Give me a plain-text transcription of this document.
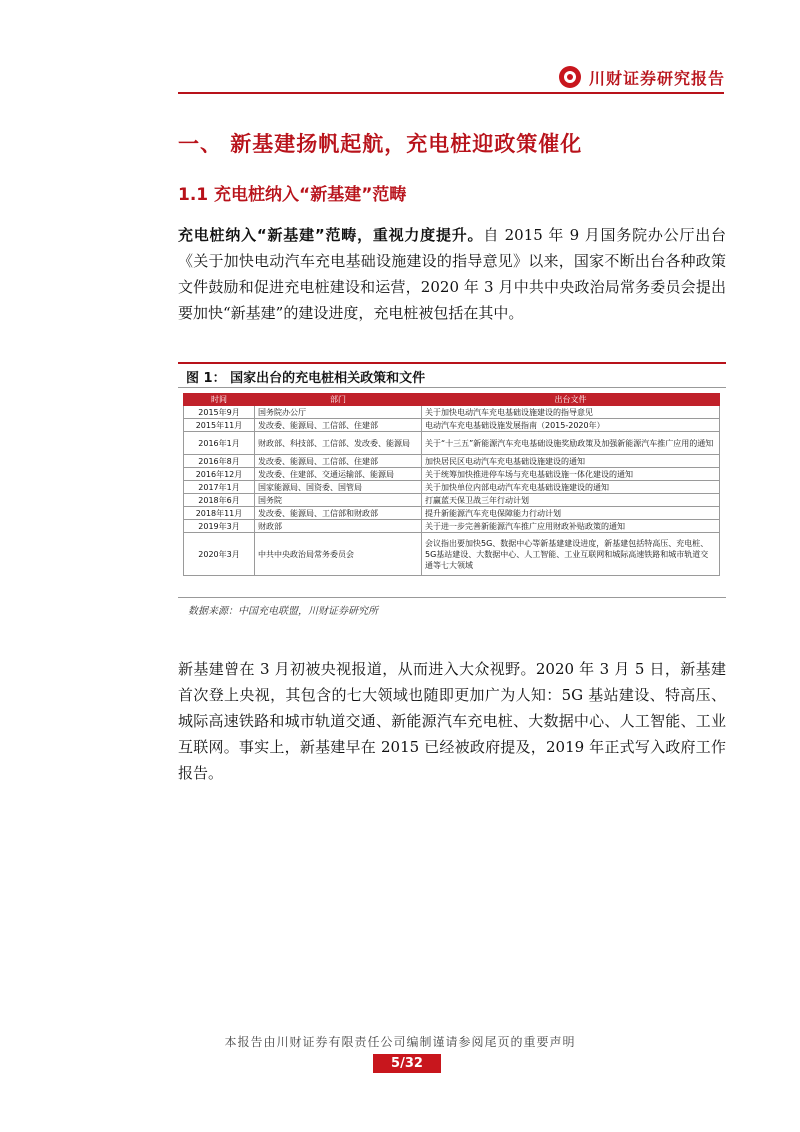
川财证券研究报告
一、 新基建扬帆起航，充电桩迎政策催化
1.1 充电桩纳入“新基建”范畴
充电桩纳入“新基建”范畴，重视力度提升。自 2015 年 9 月国务院办公厅出台《关于加快电动汽车充电基础设施建设的指导意见》以来，国家不断出台各种政策文件鼓励和促进充电桩建设和运营，2020 年 3 月中共中央政治局常务委员会提出要加快“新基建”的建设进度，充电桩被包括在其中。
图 1： 国家出台的充电桩相关政策和文件
时间	部门	出台文件
2015年9月	国务院办公厅	关于加快电动汽车充电基础设施建设的指导意见
2015年11月	发改委、能源局、工信部、住建部	电动汽车充电基础设施发展指南（2015-2020年）
2016年1月	财政部、科技部、工信部、发改委、能源局	关于“十三五”新能源汽车充电基础设施奖励政策及加强新能源汽车推广应用的通知
2016年8月	发改委、能源局、工信部、住建部	加快居民区电动汽车充电基础设施建设的通知
2016年12月	发改委、住建部、交通运输部、能源局	关于统筹加快推进停车场与充电基础设施一体化建设的通知
2017年1月	国家能源局、国资委、国管局	关于加快单位内部电动汽车充电基础设施建设的通知
2018年6月	国务院	打赢蓝天保卫战三年行动计划
2018年11月	发改委、能源局、工信部和财政部	提升新能源汽车充电保障能力行动计划
2019年3月	财政部	关于进一步完善新能源汽车推广应用财政补贴政策的通知
2020年3月	中共中央政治局常务委员会	会议指出要加快5G、数据中心等新基建建设进度，新基建包括特高压、充电桩、5G基站建设、大数据中心、人工智能、工业互联网和城际高速铁路和城市轨道交通等七大领域
数据来源：中国充电联盟，川财证券研究所
新基建曾在 3 月初被央视报道，从而进入大众视野。2020 年 3 月 5 日，新基建首次登上央视，其包含的七大领域也随即更加广为人知：5G 基站建设、特高压、城际高速铁路和城市轨道交通、新能源汽车充电桩、大数据中心、人工智能、工业互联网。事实上，新基建早在 2015 已经被政府提及，2019 年正式写入政府工作报告。
本报告由川财证券有限责任公司编制谨请参阅尾页的重要声明
5/32
